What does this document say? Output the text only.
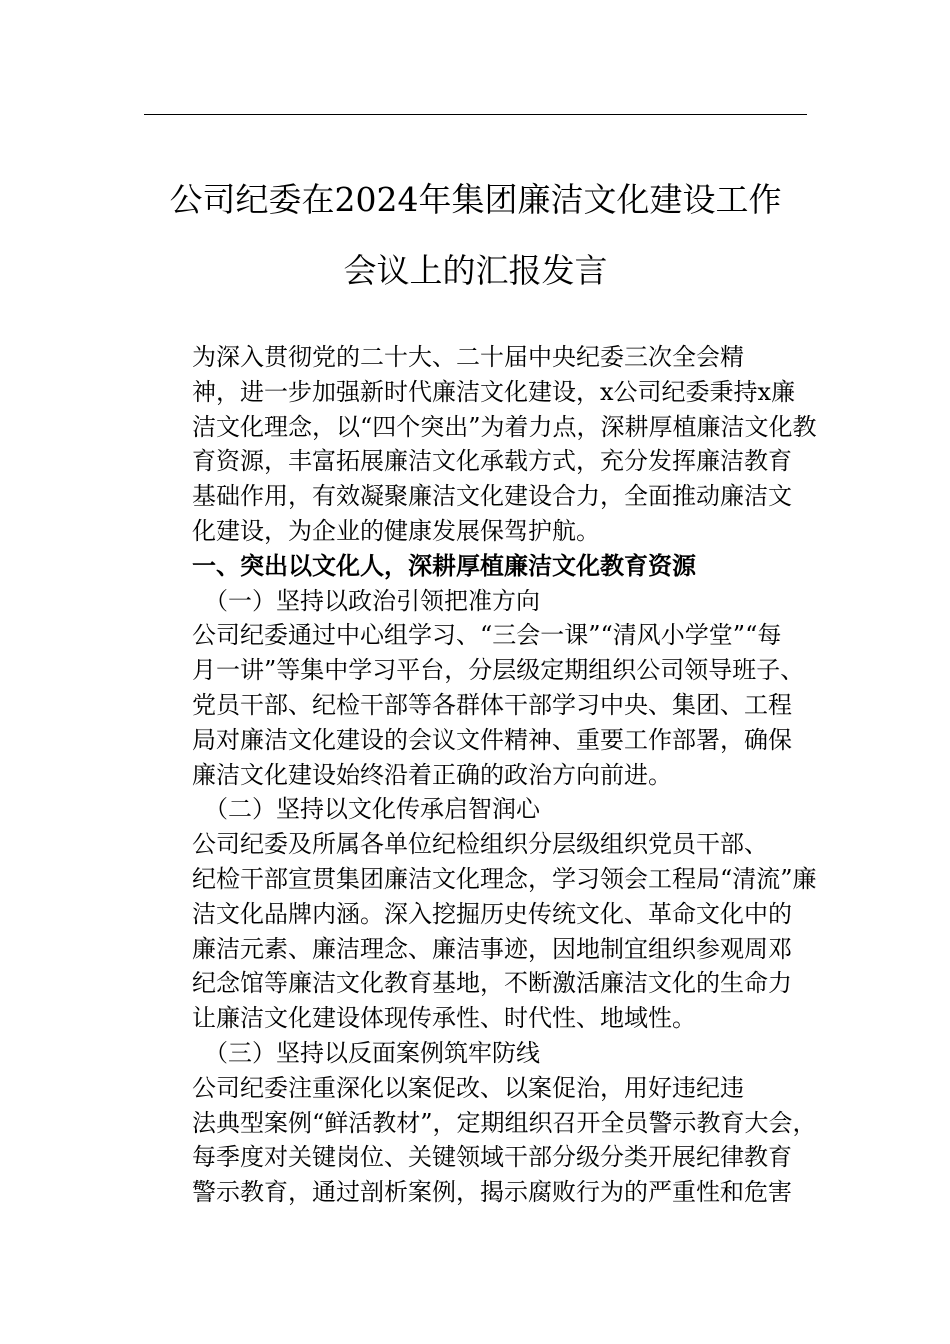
公司纪委在2024年集团廉洁文化建设工作
会议上的汇报发言

为深入贯彻党的二十大、二十届中央纪委三次全会精
神，进一步加强新时代廉洁文化建设，x公司纪委秉持x廉
洁文化理念，以“四个突出”为着力点，深耕厚植廉洁文化教
育资源，丰富拓展廉洁文化承载方式，充分发挥廉洁教育
基础作用，有效凝聚廉洁文化建设合力，全面推动廉洁文
化建设，为企业的健康发展保驾护航。

一、突出以文化人，深耕厚植廉洁文化教育资源

（一）坚持以政治引领把准方向

公司纪委通过中心组学习、“三会一课”“清风小学堂”“每
月一讲”等集中学习平台，分层级定期组织公司领导班子、
党员干部、纪检干部等各群体干部学习中央、集团、工程
局对廉洁文化建设的会议文件精神、重要工作部署，确保
廉洁文化建设始终沿着正确的政治方向前进。

（二）坚持以文化传承启智润心

公司纪委及所属各单位纪检组织分层级组织党员干部、
纪检干部宣贯集团廉洁文化理念，学习领会工程局“清流”廉
洁文化品牌内涵。深入挖掘历史传统文化、革命文化中的
廉洁元素、廉洁理念、廉洁事迹，因地制宜组织参观周邓
纪念馆等廉洁文化教育基地，不断激活廉洁文化的生命力
让廉洁文化建设体现传承性、时代性、地域性。

（三）坚持以反面案例筑牢防线

公司纪委注重深化以案促改、以案促治，用好违纪违
法典型案例“鲜活教材”，定期组织召开全员警示教育大会，
每季度对关键岗位、关键领域干部分级分类开展纪律教育
警示教育，通过剖析案例，揭示腐败行为的严重性和危害
